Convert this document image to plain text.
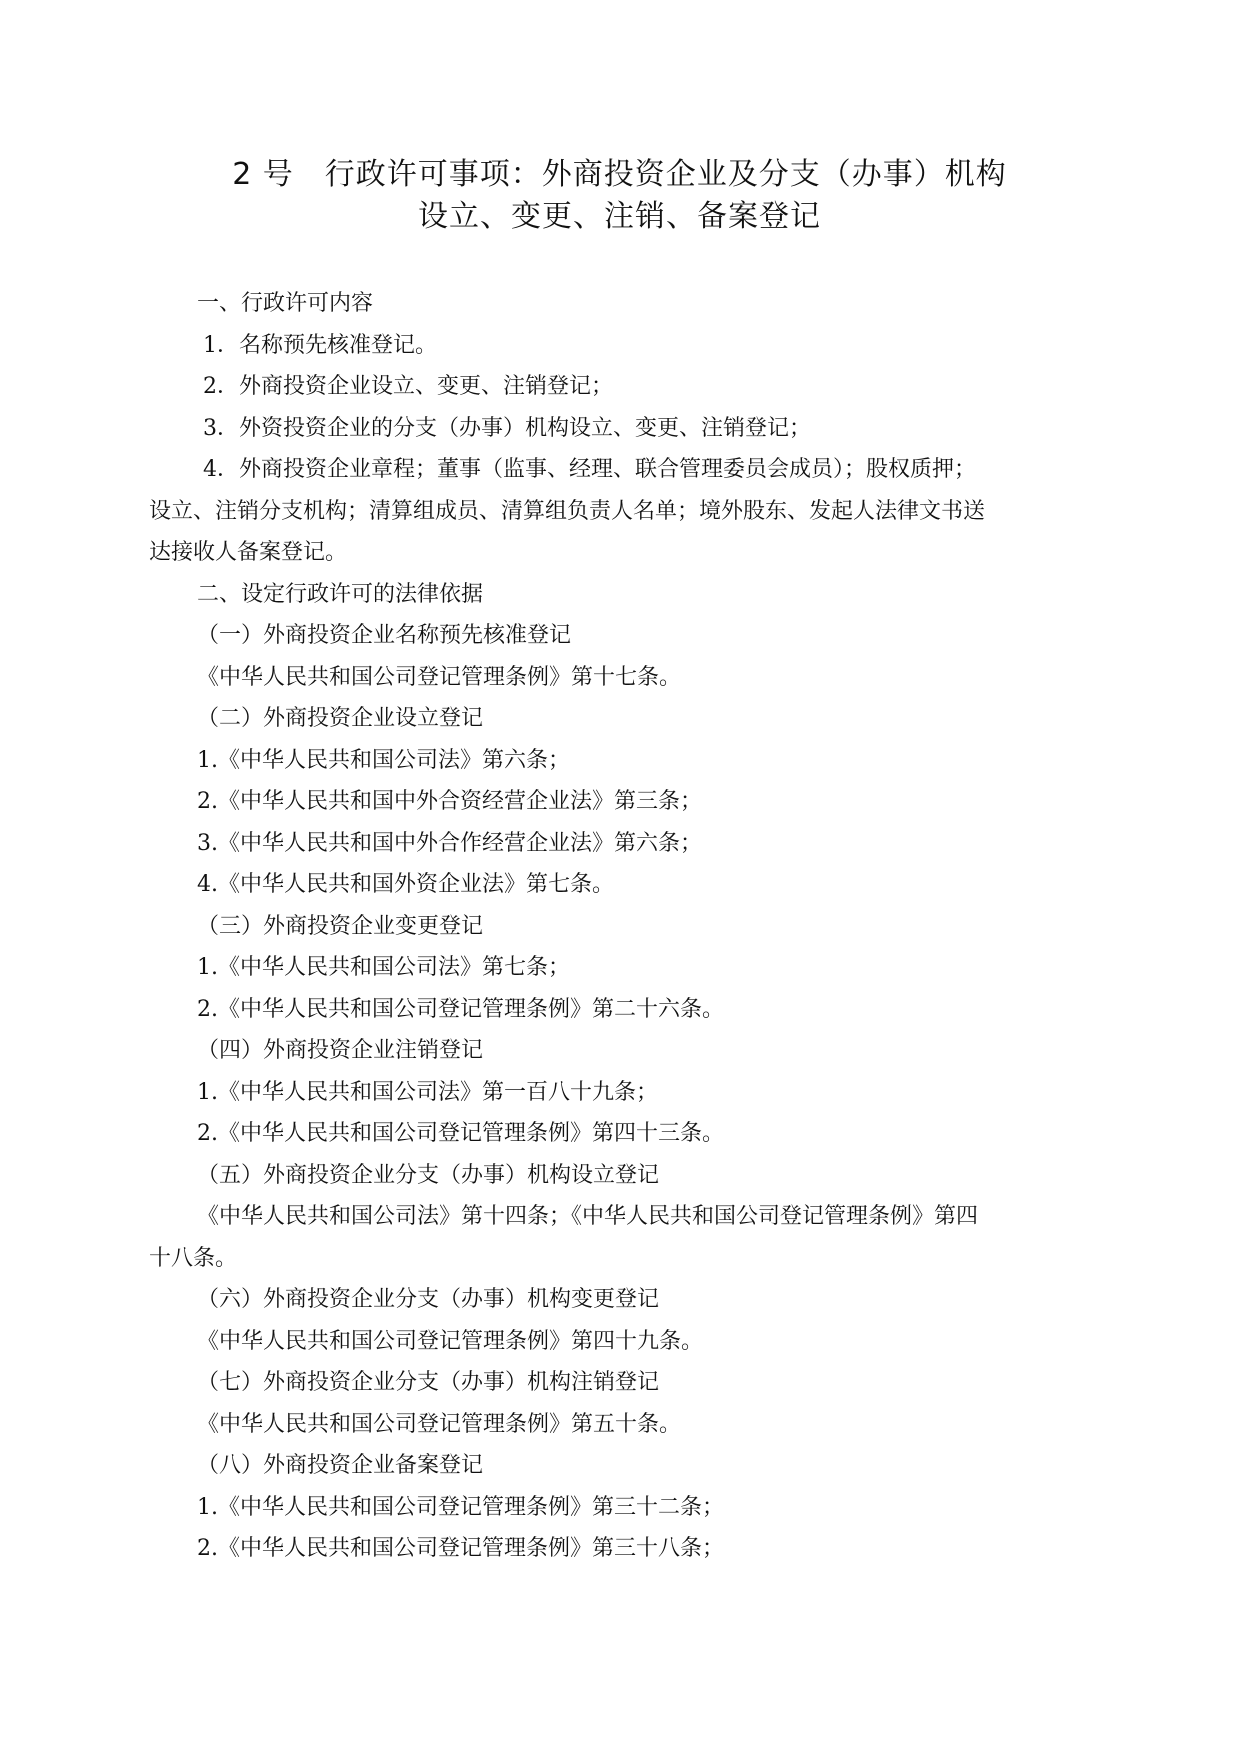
2 号　行政许可事项：外商投资企业及分支（办事）机构
设立、变更、注销、备案登记
一、行政许可内容
1．名称预先核准登记。
2．外商投资企业设立、变更、注销登记；
3．外资投资企业的分支（办事）机构设立、变更、注销登记；
4．外商投资企业章程；董事（监事、经理、联合管理委员会成员）；股权质押；
设立、注销分支机构；清算组成员、清算组负责人名单；境外股东、发起人法律文书送
达接收人备案登记。
二、设定行政许可的法律依据
（一）外商投资企业名称预先核准登记
《中华人民共和国公司登记管理条例》第十七条。
（二）外商投资企业设立登记
1.《中华人民共和国公司法》第六条；
2.《中华人民共和国中外合资经营企业法》第三条；
3.《中华人民共和国中外合作经营企业法》第六条；
4.《中华人民共和国外资企业法》第七条。
（三）外商投资企业变更登记
1.《中华人民共和国公司法》第七条；
2.《中华人民共和国公司登记管理条例》第二十六条。
（四）外商投资企业注销登记
1.《中华人民共和国公司法》第一百八十九条；
2.《中华人民共和国公司登记管理条例》第四十三条。
（五）外商投资企业分支（办事）机构设立登记
《中华人民共和国公司法》第十四条；《中华人民共和国公司登记管理条例》第四
十八条。
（六）外商投资企业分支（办事）机构变更登记
《中华人民共和国公司登记管理条例》第四十九条。
（七）外商投资企业分支（办事）机构注销登记
《中华人民共和国公司登记管理条例》第五十条。
（八）外商投资企业备案登记
1.《中华人民共和国公司登记管理条例》第三十二条；
2.《中华人民共和国公司登记管理条例》第三十八条；
